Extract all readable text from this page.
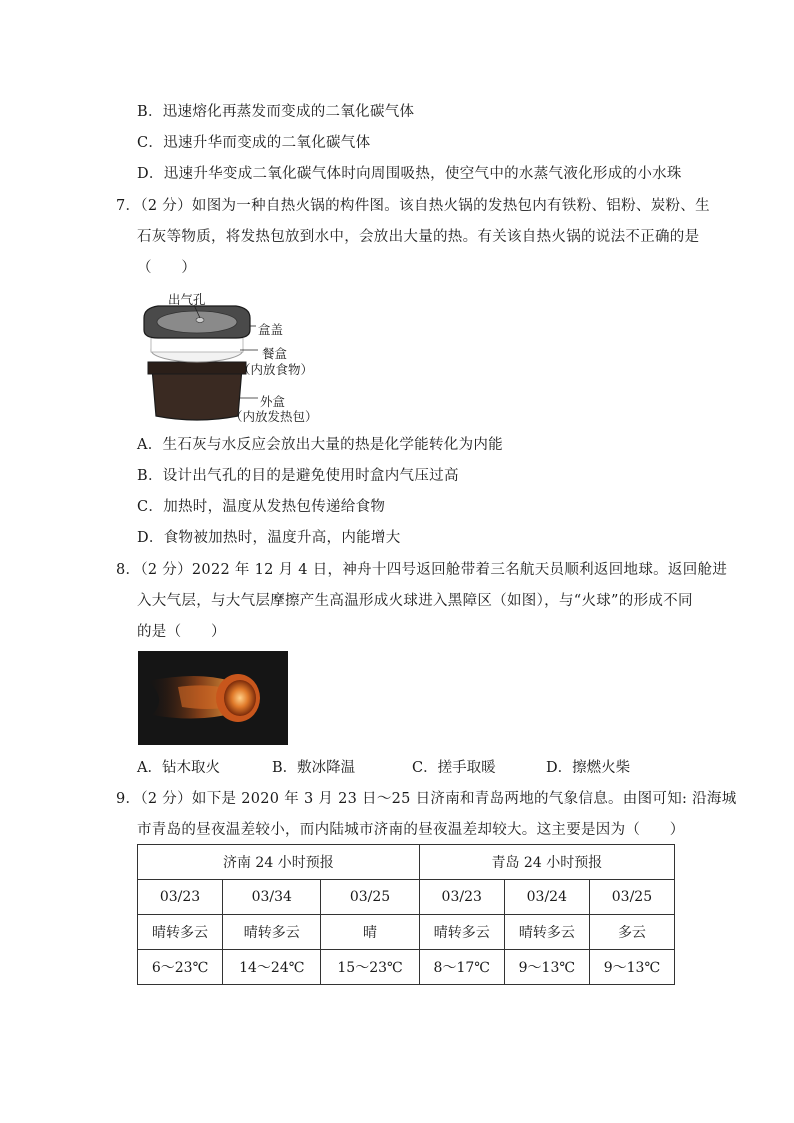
B．迅速熔化再蒸发而变成的二氧化碳气体
C．迅速升华而变成的二氧化碳气体
D．迅速升华变成二氧化碳气体时向周围吸热，使空气中的水蒸气液化形成的小水珠
7．（2 分）如图为一种自热火锅的构件图。该自热火锅的发热包内有铁粉、铝粉、炭粉、生
石灰等物质，将发热包放到水中，会放出大量的热。有关该自热火锅的说法不正确的是
（　　）
出气孔
盒盖
餐盒
（内放食物）
外盒
（内放发热包）
A．生石灰与水反应会放出大量的热是化学能转化为内能
B．设计出气孔的目的是避免使用时盒内气压过高
C．加热时，温度从发热包传递给食物
D．食物被加热时，温度升高，内能增大
8．（2 分）2022 年 12 月 4 日，神舟十四号返回舱带着三名航天员顺利返回地球。返回舱进
入大气层，与大气层摩擦产生高温形成火球进入黑障区（如图），与“火球”的形成不同
的是（　　）
A．钻木取火	B．敷冰降温	C．搓手取暖	D．擦燃火柴
9．（2 分）如下是 2020 年 3 月 23 日～25 日济南和青岛两地的气象信息。由图可知: 沿海城
市青岛的昼夜温差较小，而内陆城市济南的昼夜温差却较大。这主要是因为（　　）
济南 24 小时预报			青岛 24 小时预报		
03/23	03/34	03/25	03/23	03/24	03/25
晴转多云	晴转多云	晴	晴转多云	晴转多云	多云
6～23℃	14～24℃	15～23℃	8～17℃	9～13℃	9～13℃
